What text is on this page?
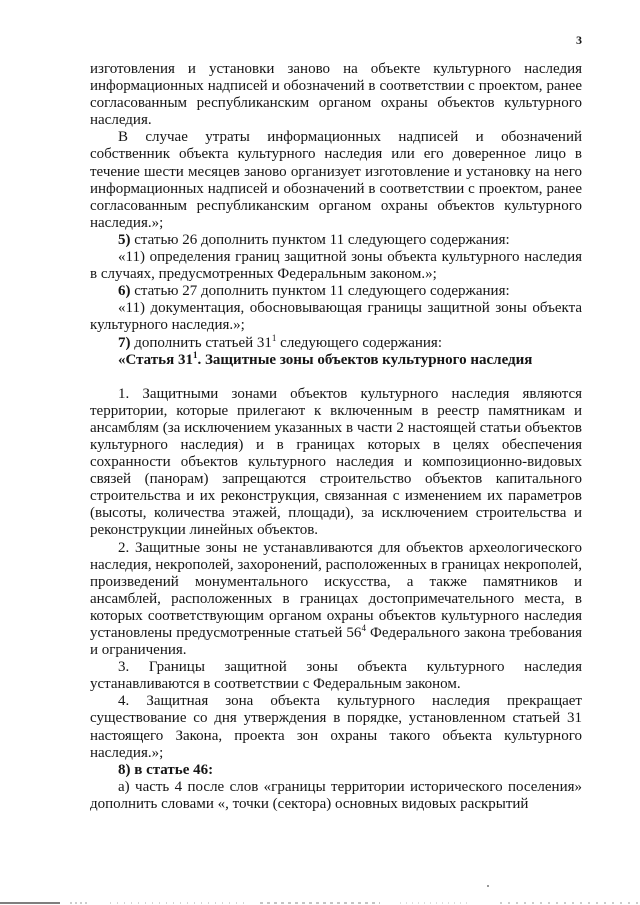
3

изготовления и установки заново на объекте культурного наследия информационных надписей и обозначений в соответствии с проектом, ранее согласованным республиканским органом охраны объектов культурного наследия.

В случае утраты информационных надписей и обозначений собственник объекта культурного наследия или его доверенное лицо в течение шести месяцев заново организует изготовление и установку на него информационных надписей и обозначений в соответствии с проектом, ранее согласованным республиканским органом охраны объектов культурного наследия.»;

5) статью 26 дополнить пунктом 11 следующего содержания:

«11) определения границ защитной зоны объекта культурного наследия в случаях, предусмотренных Федеральным законом.»;

6) статью 27 дополнить пунктом 11 следующего содержания:

«11) документация, обосновывающая границы защитной зоны объекта культурного наследия.»;

7) дополнить статьей $31^1$ следующего содержания:

«Статья $31^1$. Защитные зоны объектов культурного наследия

1. Защитными зонами объектов культурного наследия являются территории, которые прилегают к включенным в реестр памятникам и ансамблям (за исключением указанных в части 2 настоящей статьи объектов культурного наследия) и в границах которых в целях обеспечения сохранности объектов культурного наследия и композиционно-видовых связей (панорам) запрещаются строительство объектов капитального строительства и их реконструкция, связанная с изменением их параметров (высоты, количества этажей, площади), за исключением строительства и реконструкции линейных объектов.

2. Защитные зоны не устанавливаются для объектов археологического наследия, некрополей, захоронений, расположенных в границах некрополей, произведений монументального искусства, а также памятников и ансамблей, расположенных в границах достопримечательного места, в которых соответствующим органом охраны объектов культурного наследия установлены предусмотренные статьей $56^4$ Федерального закона требования и ограничения.

3. Границы защитной зоны объекта культурного наследия устанавливаются в соответствии с Федеральным законом.

4. Защитная зона объекта культурного наследия прекращает существование со дня утверждения в порядке, установленном статьей 31 настоящего Закона, проекта зон охраны такого объекта культурного наследия.»;

8) в статье 46:

а) часть 4 после слов «границы территории исторического поселения» дополнить словами «, точки (сектора) основных видовых раскрытий
